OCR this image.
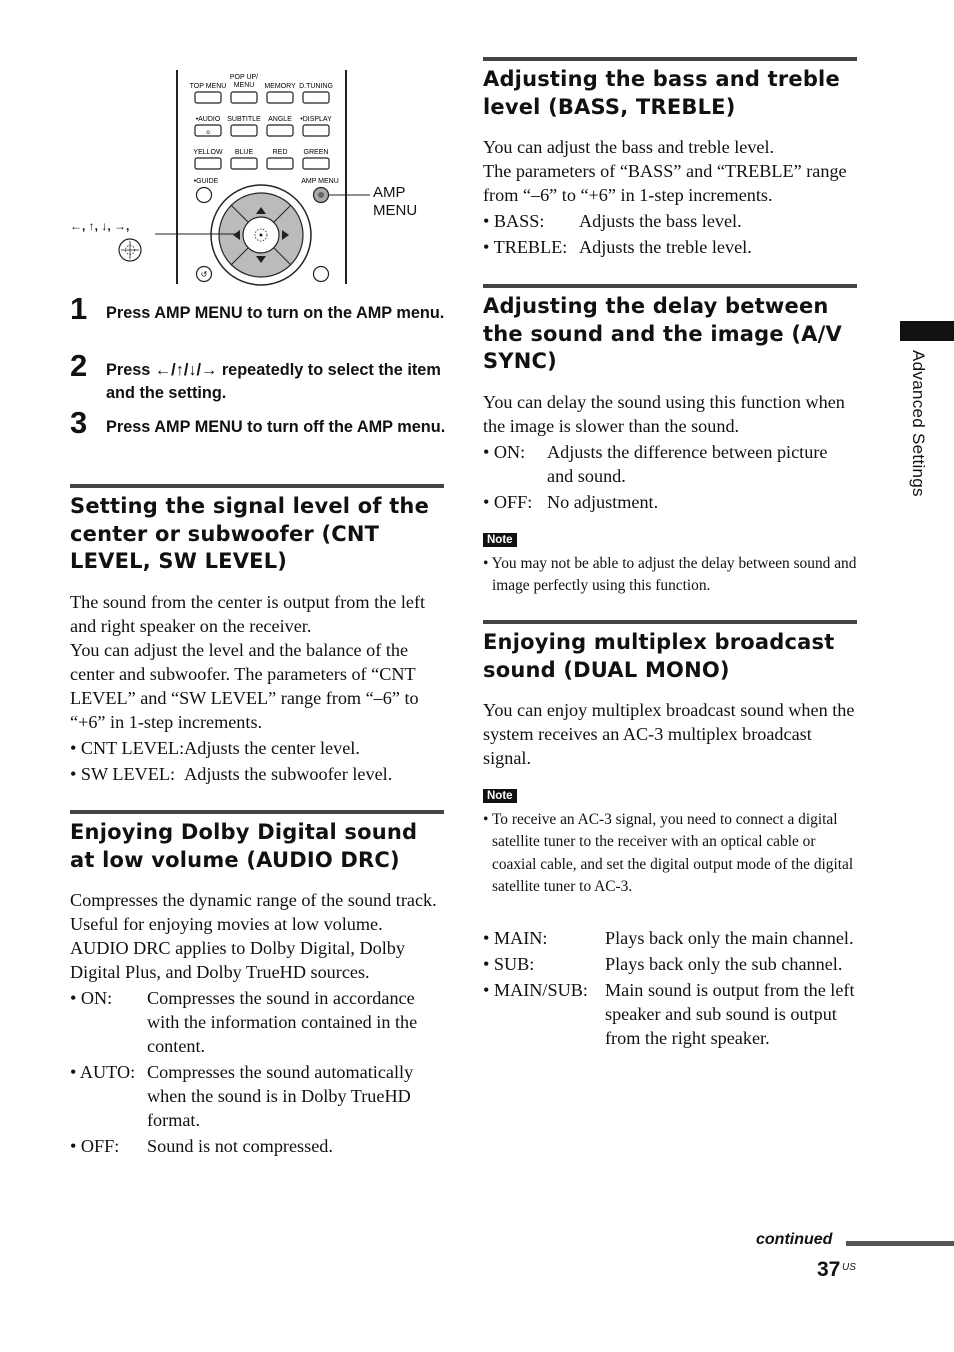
TOP MENU
POP UP/
MENU MEMORY D.TUNING
•AUDIO SUBTITLE ANGLE •DISPLAY
o
YELLOW BLUE	RED GREEN
•GUIDE	AMP MENU
↺
AMP
MENU
←, ↑, ↓, →,
1 Press AMP MENU to turn on the AMP menu.
2 Press ←/↑/↓/→ repeatedly to select the item and the setting.
3 Press AMP MENU to turn off the AMP menu.
Setting the signal level of the center or subwoofer (CNT LEVEL, SW LEVEL)

The sound from the center is output from the left and right speaker on the receiver.
You can adjust the level and the balance of the center and subwoofer. The parameters of “CNT LEVEL” and “SW LEVEL” range from “–6” to “+6” in 1-step increments.

• CNT LEVEL: Adjusts the center level.
• SW LEVEL: Adjusts the subwoofer level.
Enjoying Dolby Digital sound at low volume (AUDIO DRC)

Compresses the dynamic range of the sound track. Useful for enjoying movies at low volume. AUDIO DRC applies to Dolby Digital, Dolby Digital Plus, and Dolby TrueHD sources.

• ON:	Compresses the sound in accordance with the information contained in the content.
• AUTO: Compresses the sound automatically when the sound is in Dolby TrueHD format.
• OFF:	Sound is not compressed.
Adjusting the bass and treble level (BASS, TREBLE)

You can adjust the bass and treble level.
The parameters of “BASS” and “TREBLE” range from “–6” to “+6” in 1-step increments.

• BASS:	Adjusts the bass level.
• TREBLE: Adjusts the treble level.
Adjusting the delay between the sound and the image (A/V SYNC)

You can delay the sound using this function when the image is slower than the sound.

• ON:	Adjusts the difference between picture and sound.
• OFF: No adjustment.
Note

• You may not be able to adjust the delay between sound and image perfectly using this function.

Enjoying multiplex broadcast sound (DUAL MONO)

You can enjoy multiplex broadcast sound when the system receives an AC-3 multiplex broadcast signal.

Note

• To receive an AC-3 signal, you need to connect a digital satellite tuner to the receiver with an optical cable or coaxial cable, and set the digital output mode of the digital satellite tuner to AC-3.

• MAIN:	Plays back only the main channel.
• SUB:	Plays back only the sub channel.
• MAIN/SUB: Main sound is output from the left speaker and sub sound is output from the right speaker.
Advanced Settings
continued
37 US
